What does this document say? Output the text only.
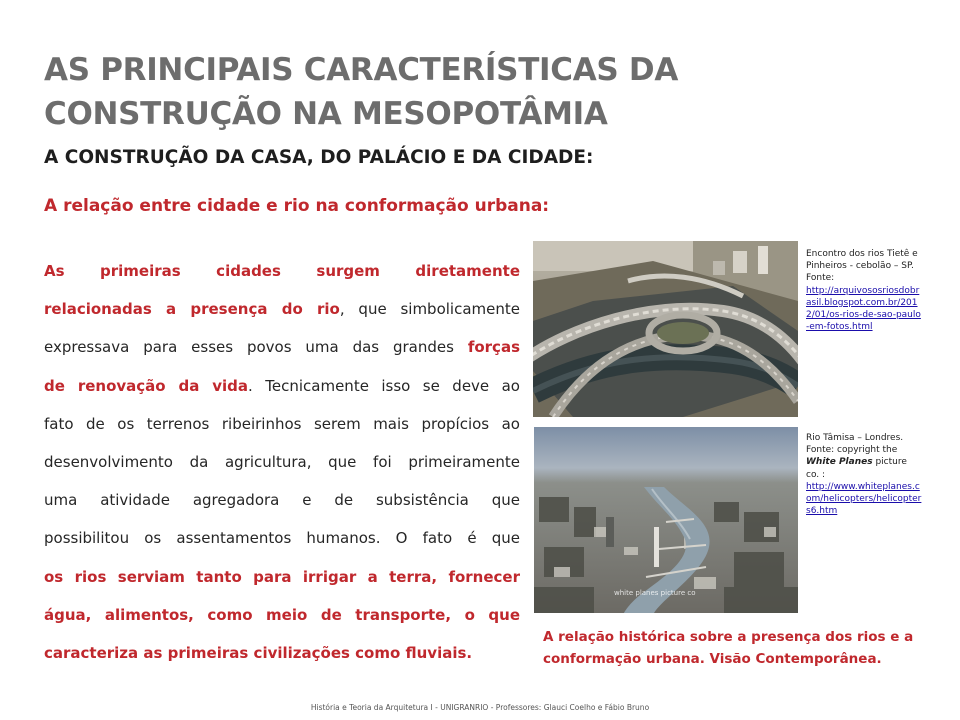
AS PRINCIPAIS CARACTERÍSTICAS DA
CONSTRUÇÃO NA MESOPOTÂMIA
A CONSTRUÇÃO DA CASA, DO PALÁCIO E DA CIDADE:
A relação entre cidade e rio na conformação urbana:
As primeiras cidades surgem diretamente
relacionadas a presença do rio, que simbolicamente
expressava para esses povos uma das grandes forças
de renovação da vida. Tecnicamente isso se deve ao
fato de os terrenos ribeirinhos serem mais propícios ao
desenvolvimento da agricultura, que foi primeiramente
uma atividade agregadora e de subsistência que
possibilitou os assentamentos humanos. O fato é que
os rios serviam tanto para irrigar a terra, fornecer
água, alimentos, como meio de transporte, o que
caracteriza as primeiras civilizações como fluviais.
Encontro dos rios Tietê e Pinheiros - cebolão – SP.
Fonte:
http://arquivososriosdobrasil.blogspot.com.br/2012/01/os-rios-de-sao-paulo-em-fotos.html
white planes picture co
Rio Tâmisa – Londres.
Fonte: copyright the White Planes picture co. :
http://www.whiteplanes.com/helicopters/helicopters6.htm
A relação histórica sobre a presença dos rios e a conformação urbana. Visão Contemporânea.
História e Teoria da Arquitetura I - UNIGRANRIO - Professores: Glauci Coelho e Fábio Bruno
